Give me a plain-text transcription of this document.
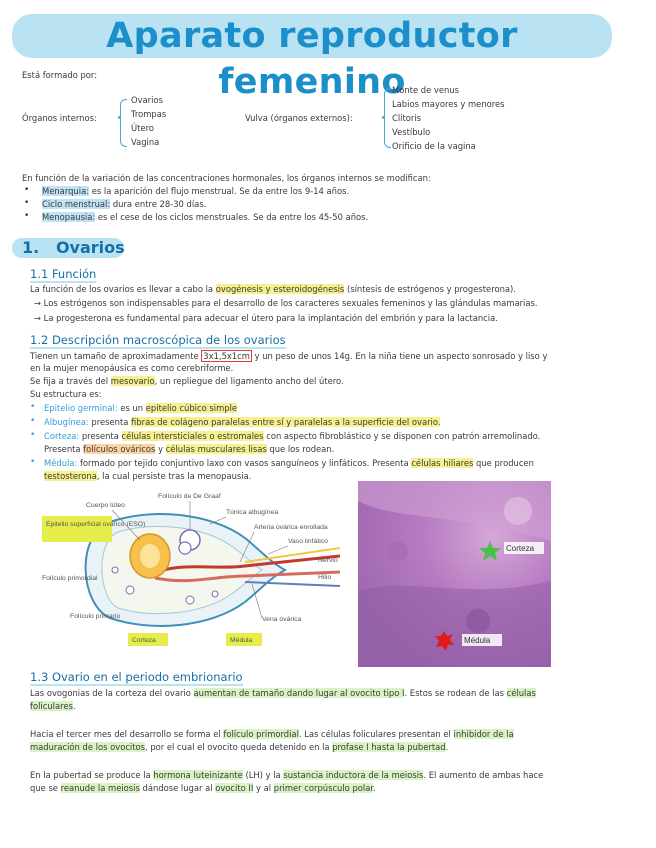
Aparato reproductor femenino
Está formado por:
Órganos internos:
Ovarios
Trompas
Útero
Vagina
Vulva (órganos externos):
Monte de venus
Labios mayores y menores
Clítoris
Vestíbulo
Orificio de la vagina
En función de la variación de las concentraciones hormonales, los órganos internos se modifican:
• Menarquia: es la aparición del flujo menstrual. Se da entre los 9-14 años.
• Ciclo menstrual: dura entre 28-30 días.
• Menopausia: es el cese de los ciclos menstruales. Se da entre los 45-50 años.
1. Ovarios
1.1 Función
La función de los ovarios es llevar a cabo la ovogénesis y esteroidogénesis (síntesis de estrógenos y progesterona).
→ Los estrógenos son indispensables para el desarrollo de los caracteres sexuales femeninos y las glándulas mamarias.
→ La progesterona es fundamental para adecuar el útero para la implantación del embrión y para la lactancia.
1.2 Descripción macroscópica de los ovarios
Tienen un tamaño de aproximadamente 3x1,5x1cm y un peso de unos 14g. En la niña tiene un aspecto sonrosado y liso y
en la mujer menopáusica es como cerebriforme.
Se fija a través del mesovario, un repliegue del ligamento ancho del útero.
Su estructura es:
• Epitelio germinal: es un epitelio cúbico simple
• Albugínea: presenta fibras de colágeno paralelas entre sí y paralelas a la superficie del ovario.
• Corteza: presenta células intersticiales o estromales con aspecto fibroblástico y se disponen con patrón arremolinado.
Presenta folículos ováricos y células musculares lisas que los rodean.
• Médula: formado por tejido conjuntivo laxo con vasos sanguíneos y linfáticos. Presenta células hiliares que producen
testosterona, la cual persiste tras la menopausia.
Epitelio superficial ovárico (ESO)
Corteza	Médula
Cuerpo lúteo
Folículo de De Graaf
Túnica albugínea
Arteria ovárica enrollada
Vaso linfático
Nervio
Hilio
Vena ovárica
Folículo primordial
Folículo primario
Corteza
Médula
1.3 Ovario en el periodo embrionario
Las ovogonias de la corteza del ovario aumentan de tamaño dando lugar al ovocito tipo I. Estos se rodean de las células
foliculares.
Hacia el tercer mes del desarrollo se forma el folículo primordial. Las células foliculares presentan el inhibidor de la
maduración de los ovocitos, por el cual el ovocito queda detenido en la profase I hasta la pubertad.
En la pubertad se produce la hormona luteinizante (LH) y la sustancia inductora de la meiosis. El aumento de ambas hace
que se reanude la meiosis dándose lugar al ovocito II y al primer corpúsculo polar.
